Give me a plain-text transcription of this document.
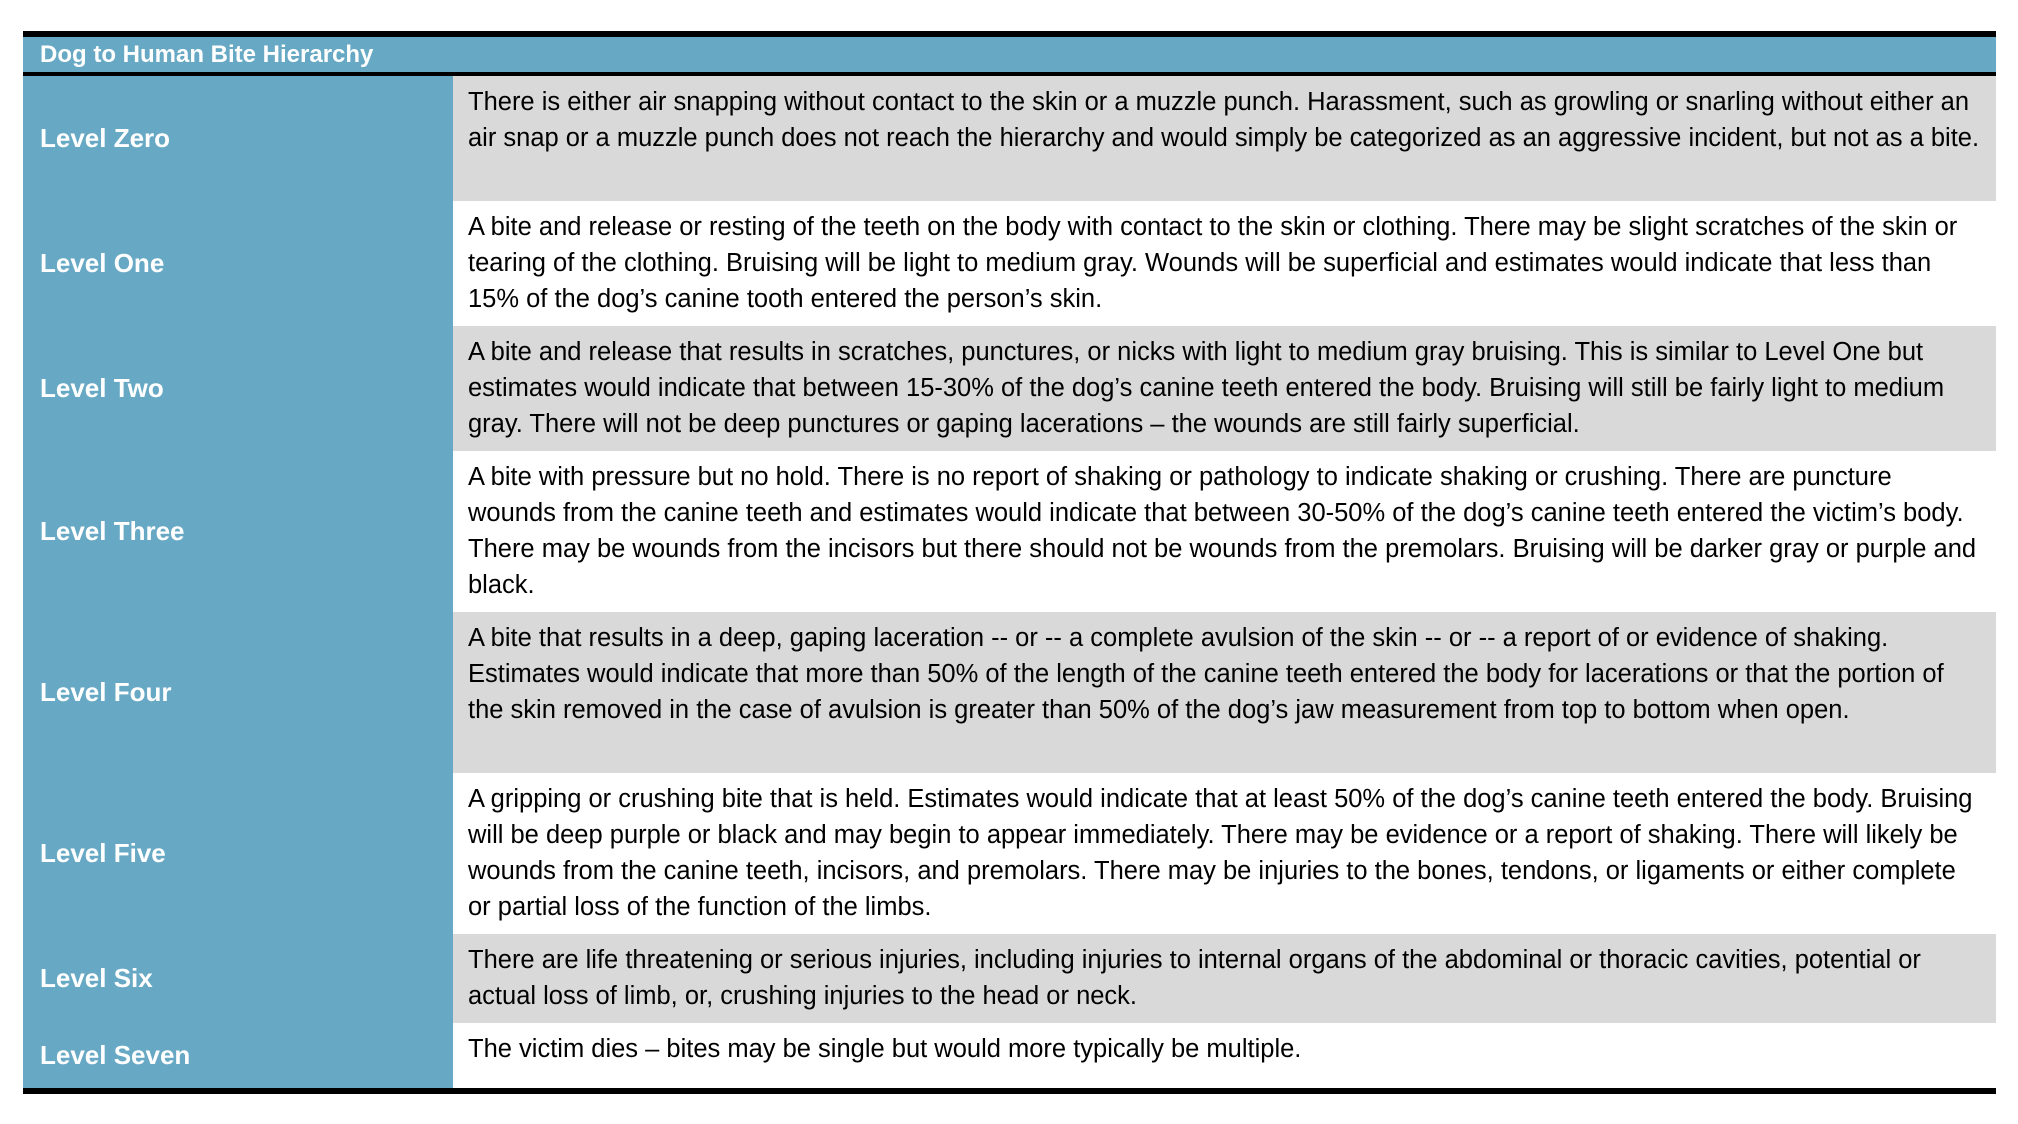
Dog to Human Bite Hierarchy
Level Zero
There is either air snapping without contact to the skin or a muzzle punch. Harassment, such as growling or snarling without either an air snap or a muzzle punch does not reach the hierarchy and would simply be categorized as an aggressive incident, but not as a bite.
Level One
A bite and release or resting of the teeth on the body with contact to the skin or clothing. There may be slight scratches of the skin or tearing of the clothing. Bruising will be light to medium gray. Wounds will be superficial and estimates would indicate that less than 15% of the dog’s canine tooth entered the person’s skin.
Level Two
A bite and release that results in scratches, punctures, or nicks with light to medium gray bruising. This is similar to Level One but estimates would indicate that between 15-30% of the dog’s canine teeth entered the body. Bruising will still be fairly light to medium gray. There will not be deep punctures or gaping lacerations – the wounds are still fairly superficial.
Level Three
A bite with pressure but no hold. There is no report of shaking or pathology to indicate shaking or crushing. There are puncture wounds from the canine teeth and estimates would indicate that between 30-50% of the dog’s canine teeth entered the victim’s body. There may be wounds from the incisors but there should not be wounds from the premolars. Bruising will be darker gray or purple and black.
Level Four
A bite that results in a deep, gaping laceration -- or -- a complete avulsion of the skin -- or -- a report of or evidence of shaking. Estimates would indicate that more than 50% of the length of the canine teeth entered the body for lacerations or that the portion of the skin removed in the case of avulsion is greater than 50% of the dog’s jaw measurement from top to bottom when open.
Level Five
A gripping or crushing bite that is held. Estimates would indicate that at least 50% of the dog’s canine teeth entered the body. Bruising will be deep purple or black and may begin to appear immediately. There may be evidence or a report of shaking. There will likely be wounds from the canine teeth, incisors, and premolars. There may be injuries to the bones, tendons, or ligaments or either complete or partial loss of the function of the limbs.
Level Six
There are life threatening or serious injuries, including injuries to internal organs of the abdominal or thoracic cavities, potential or actual loss of limb, or, crushing injuries to the head or neck.
Level Seven	The victim dies – bites may be single but would more typically be multiple.
